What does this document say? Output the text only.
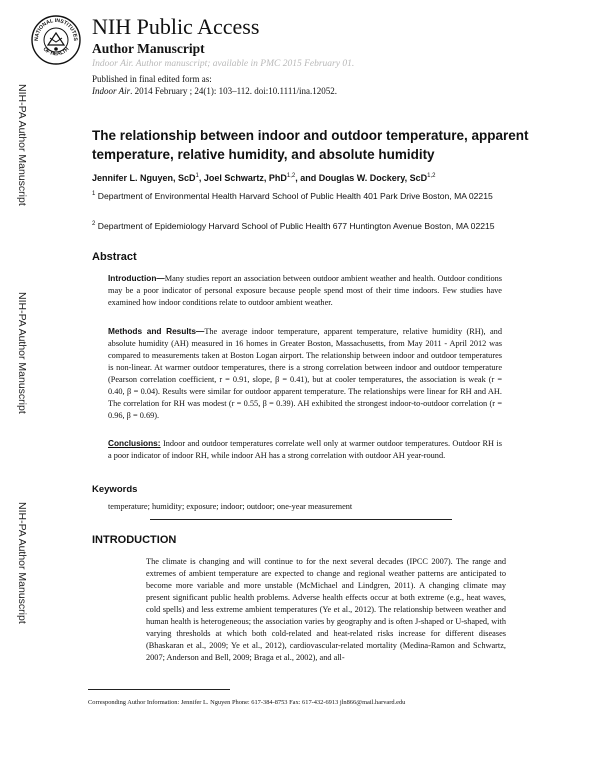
NIH-PA Author Manuscript
NIH-PA Author Manuscript
NIH-PA Author Manuscript
NATIONAL INSTITUTES
OF HEALTH
NIH Public Access
Author Manuscript
Indoor Air. Author manuscript; available in PMC 2015 February 01.
Published in final edited form as:
Indoor Air. 2014 February ; 24(1): 103–112. doi:10.1111/ina.12052.
The relationship between indoor and outdoor temperature, apparent temperature, relative humidity, and absolute humidity
Jennifer L. Nguyen, ScD$^1$, Joel Schwartz, PhD$^{1,2}$, and Douglas W. Dockery, ScD$^{1,2}$
$^1$ Department of Environmental Health Harvard School of Public Health 401 Park Drive Boston, MA 02215
$^2$ Department of Epidemiology Harvard School of Public Health 677 Huntington Avenue Boston, MA 02215
Abstract
Introduction—Many studies report an association between outdoor ambient weather and health. Outdoor conditions may be a poor indicator of personal exposure because people spend most of their time indoors. Few studies have examined how indoor conditions relate to outdoor ambient weather.
Methods and Results—The average indoor temperature, apparent temperature, relative humidity (RH), and absolute humidity (AH) measured in 16 homes in Greater Boston, Massachusetts, from May 2011 - April 2012 was compared to measurements taken at Boston Logan airport. The relationship between indoor and outdoor temperatures is non-linear. At warmer outdoor temperatures, there is a strong correlation between indoor and outdoor temperature (Pearson correlation coefficient, r = 0.91, slope, β = 0.41), but at cooler temperatures, the association is weak (r = 0.40, β = 0.04). Results were similar for outdoor apparent temperature. The relationships were linear for RH and AH. The correlation for RH was modest (r = 0.55, β = 0.39). AH exhibited the strongest indoor-to-outdoor correlation (r = 0.96, β = 0.69).
Conclusions: Indoor and outdoor temperatures correlate well only at warmer outdoor temperatures. Outdoor RH is a poor indicator of indoor RH, while indoor AH has a strong correlation with outdoor AH year-round.
Keywords
temperature; humidity; exposure; indoor; outdoor; one-year measurement
INTRODUCTION
The climate is changing and will continue to for the next several decades (IPCC 2007). The range and extremes of ambient temperature are expected to change and regional weather patterns are anticipated to become more variable and more unstable (McMichael and Lindgren, 2011). A changing climate may present significant public health problems. Adverse health effects occur at both extreme (e.g., heat waves, cold spells) and less extreme ambient temperatures (Ye et al., 2012). The relationship between weather and human health is heterogeneous; the association varies by geography and is often J-shaped or U-shaped, with varying thresholds at which both cold-related and heat-related risks increase for different diseases (Bhaskaran et al., 2009; Ye et al., 2012), cardiovascular-related mortality (Medina-Ramon and Schwartz, 2007; Anderson and Bell, 2009; Braga et al., 2002), and all-
Corresponding Author Information: Jennifer L. Nguyen Phone: 617-384-8753 Fax: 617-432-6913 jln866@mail.harvard.edu
